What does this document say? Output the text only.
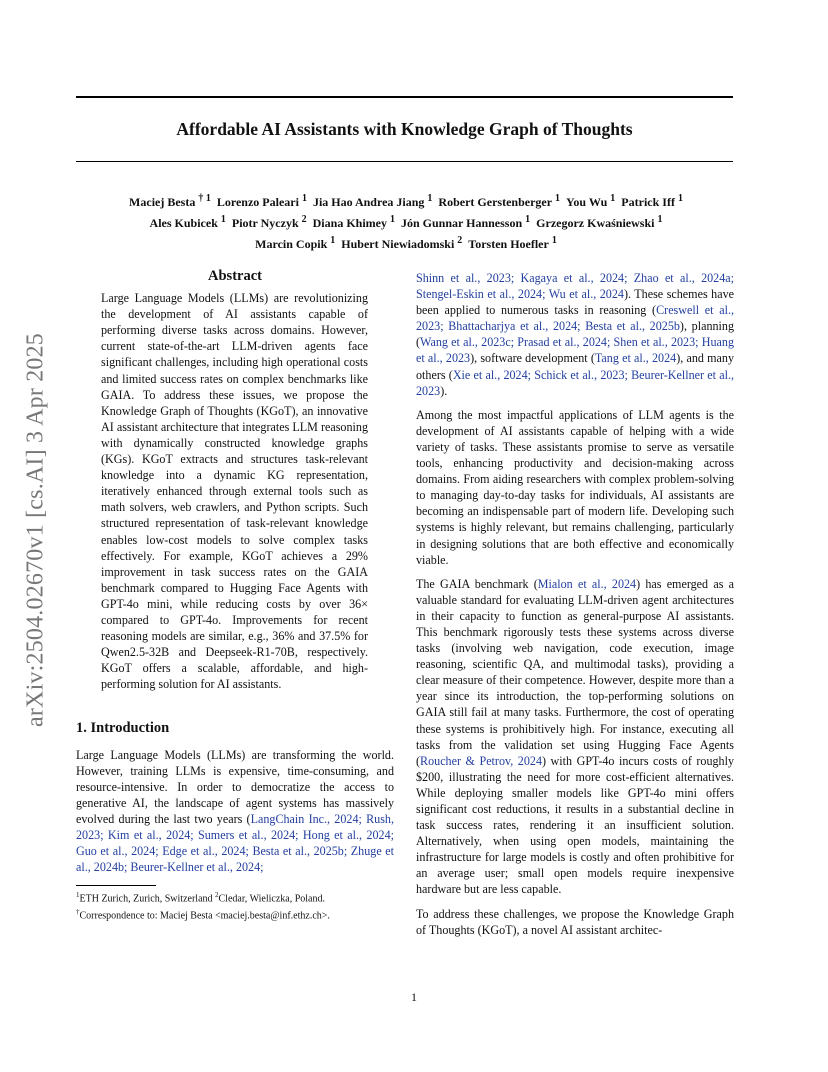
Affordable AI Assistants with Knowledge Graph of Thoughts
Maciej Besta $^{\dagger 1}$ Lorenzo Paleari $^1$ Jia Hao Andrea Jiang $^1$ Robert Gerstenberger $^1$ You Wu $^1$ Patrick Iff $^1$
Ales Kubicek $^1$ Piotr Nyczyk $^2$ Diana Khimey $^1$ Jón Gunnar Hannesson $^1$ Grzegorz Kwaśniewski $^1$
Marcin Copik $^1$ Hubert Niewiadomski $^2$ Torsten Hoefler $^1$
arXiv:2504.02670v1 [cs.AI] 3 Apr 2025
Abstract

Large Language Models (LLMs) are revolutionizing the development of AI assistants capable of performing diverse tasks across domains. However, current state-of-the-art LLM-driven agents face significant challenges, including high operational costs and limited success rates on complex benchmarks like GAIA. To address these issues, we propose the Knowledge Graph of Thoughts (KGoT), an innovative AI assistant architecture that integrates LLM reasoning with dynamically constructed knowledge graphs (KGs). KGoT extracts and structures task-relevant knowledge into a dynamic KG representation, iteratively enhanced through external tools such as math solvers, web crawlers, and Python scripts. Such structured representation of task-relevant knowledge enables low-cost models to solve complex tasks effectively. For example, KGoT achieves a 29% improvement in task success rates on the GAIA benchmark compared to Hugging Face Agents with GPT-4o mini, while reducing costs by over 36× compared to GPT-4o. Improvements for recent reasoning models are similar, e.g., 36% and 37.5% for Qwen2.5-32B and Deepseek-R1-70B, respectively. KGoT offers a scalable, affordable, and high-performing solution for AI assistants.

1. Introduction

Large Language Models (LLMs) are transforming the world. However, training LLMs is expensive, time-consuming, and resource-intensive. In order to democratize the access to generative AI, the landscape of agent systems has massively evolved during the last two years (LangChain Inc., 2024; Rush, 2023; Kim et al., 2024; Sumers et al., 2024; Hong et al., 2024; Guo et al., 2024; Edge et al., 2024; Besta et al., 2025b; Zhuge et al., 2024b; Beurer-Kellner et al., 2024;

$^1$ETH Zurich, Zurich, Switzerland $^2$Cledar, Wieliczka, Poland.
†Correspondence to: Maciej Besta <maciej.besta@inf.ethz.ch>.

Shinn et al., 2023; Kagaya et al., 2024; Zhao et al., 2024a; Stengel-Eskin et al., 2024; Wu et al., 2024). These schemes have been applied to numerous tasks in reasoning (Creswell et al., 2023; Bhattacharjya et al., 2024; Besta et al., 2025b), planning (Wang et al., 2023c; Prasad et al., 2024; Shen et al., 2023; Huang et al., 2023), software development (Tang et al., 2024), and many others (Xie et al., 2024; Schick et al., 2023; Beurer-Kellner et al., 2023).

Among the most impactful applications of LLM agents is the development of AI assistants capable of helping with a wide variety of tasks. These assistants promise to serve as versatile tools, enhancing productivity and decision-making across domains. From aiding researchers with complex problem-solving to managing day-to-day tasks for individuals, AI assistants are becoming an indispensable part of modern life. Developing such systems is highly relevant, but remains challenging, particularly in designing solutions that are both effective and economically viable.

The GAIA benchmark (Mialon et al., 2024) has emerged as a valuable standard for evaluating LLM-driven agent architectures in their capacity to function as general-purpose AI assistants. This benchmark rigorously tests these systems across diverse tasks (involving web navigation, code execution, image reasoning, scientific QA, and multimodal tasks), providing a clear measure of their competence. However, despite more than a year since its introduction, the top-performing solutions on GAIA still fail at many tasks. Furthermore, the cost of operating these systems is prohibitively high. For instance, executing all tasks from the validation set using Hugging Face Agents (Roucher & Petrov, 2024) with GPT-4o incurs costs of roughly $200, illustrating the need for more cost-efficient alternatives. While deploying smaller models like GPT-4o mini offers significant cost reductions, it results in a substantial decline in task success rates, rendering it an insufficient solution. Alternatively, when using open models, maintaining the infrastructure for large models is costly and often prohibitive for an average user; small open models require inexpensive hardware but are less capable.

To address these challenges, we propose the Knowledge Graph of Thoughts (KGoT), a novel AI assistant architec-

1
